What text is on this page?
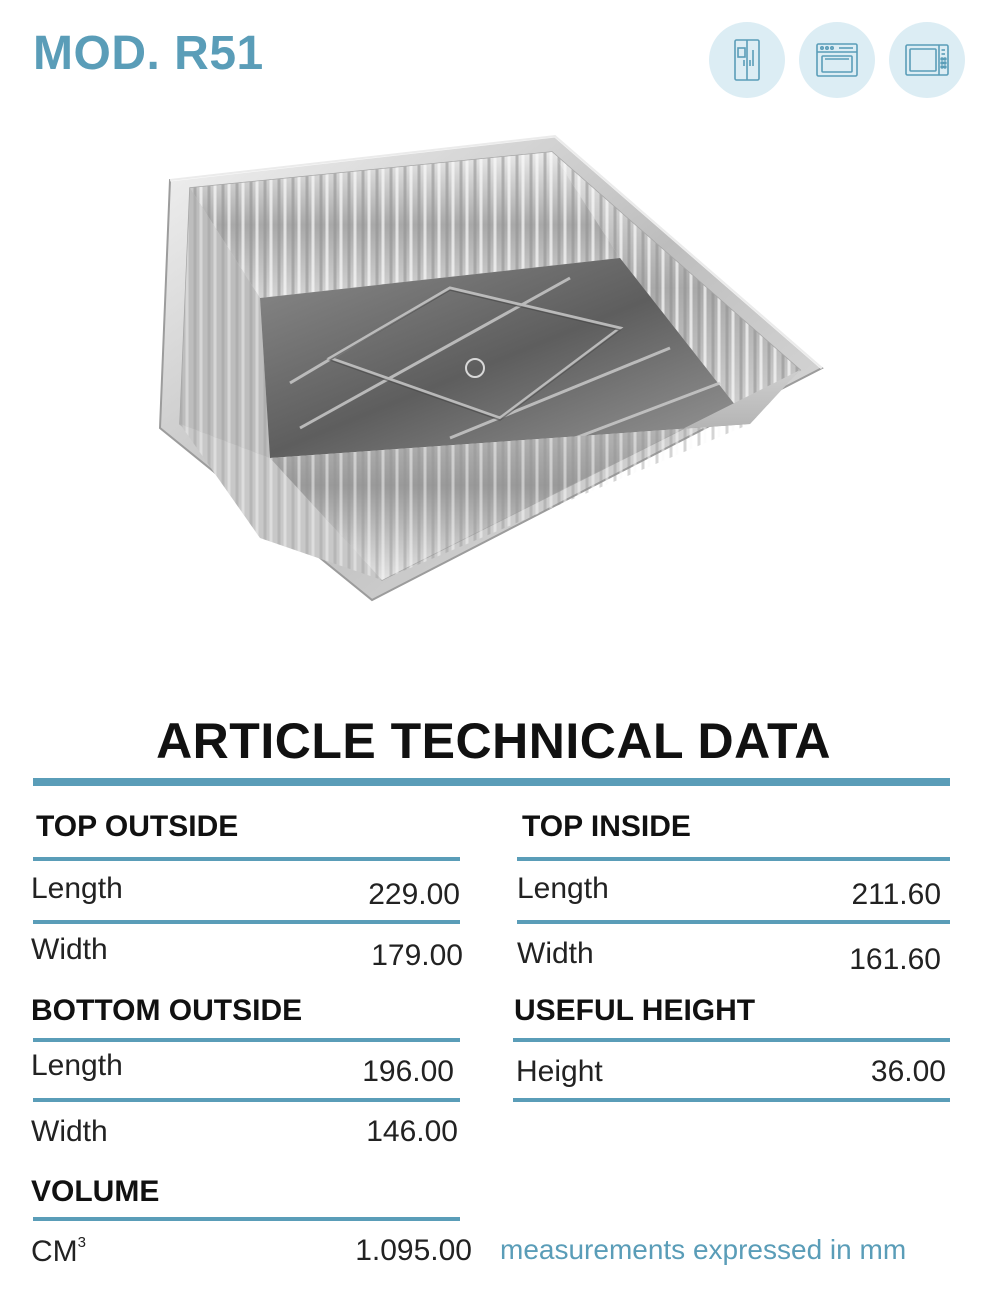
MOD. R51
ARTICLE TECHNICAL DATA
TOP OUTSIDE
Length	229.00
Width	179.00
TOP INSIDE
Length	211.60
Width	161.60
BOTTOM OUTSIDE
Length	196.00
Width	146.00
USEFUL HEIGHT
Height	36.00
VOLUME
$CM^3$	1.095.00 measurements expressed in mm
